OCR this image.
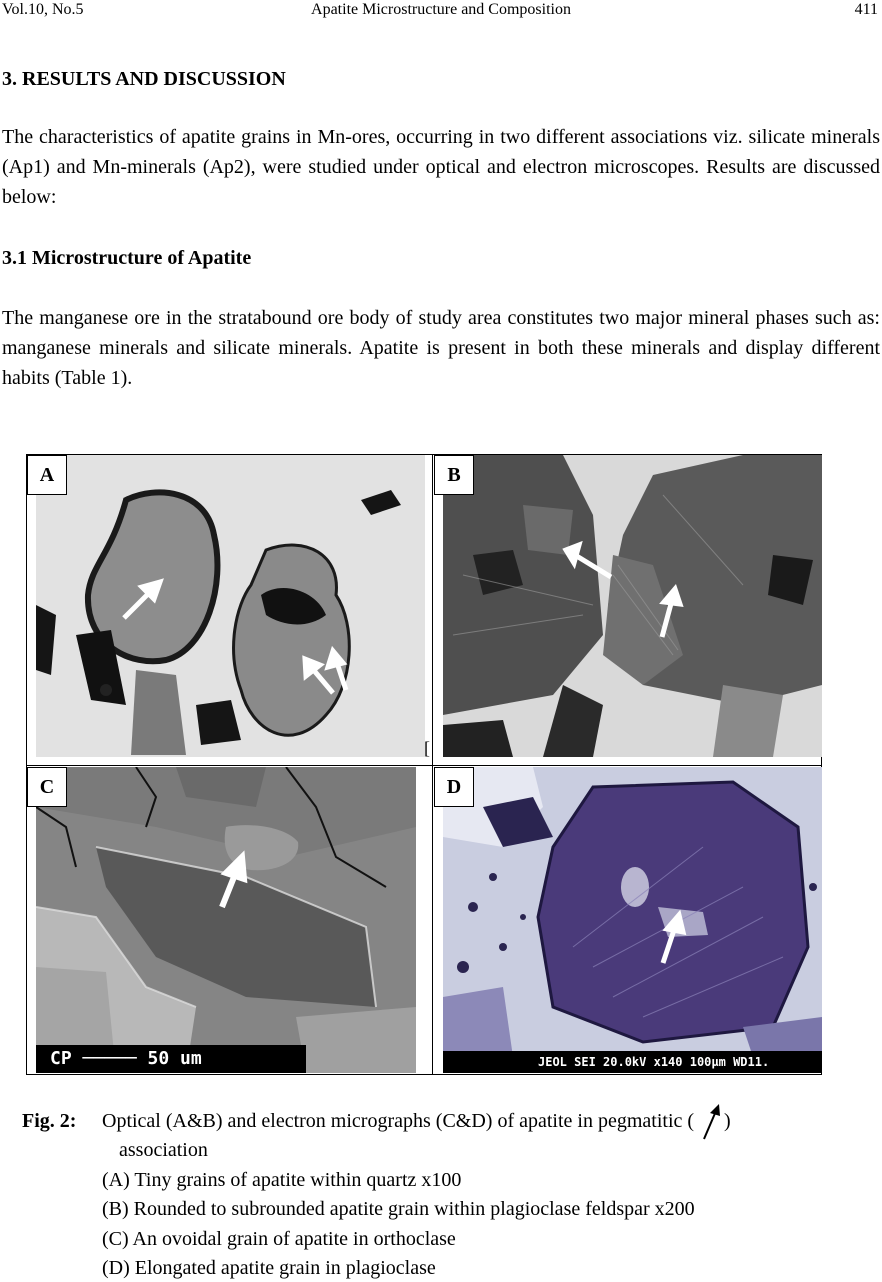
Vol.10, No.5	Apatite Microstructure and Composition	411
3. RESULTS AND DISCUSSION

The characteristics of apatite grains in Mn-ores, occurring in two different associations viz. silicate minerals (Ap1) and Mn-minerals (Ap2), were studied under optical and electron microscopes. Results are discussed below:

3.1 Microstructure of Apatite

The manganese ore in the stratabound ore body of study area constitutes two major mineral phases such as: manganese minerals and silicate minerals. Apatite is present in both these minerals and display different habits (Table 1).

A
[
B
CP ───── 50 um
C
JEOL SEI 20.0kV x140 100µm WD11.
D
Fig. 2: Optical (A&B) and electron micrographs (C&D) of apatite in pegmatitic ( )
association
(A) Tiny grains of apatite within quartz x100
(B) Rounded to subrounded apatite grain within plagioclase feldspar x200
(C) An ovoidal grain of apatite in orthoclase
(D) Elongated apatite grain in plagioclase
